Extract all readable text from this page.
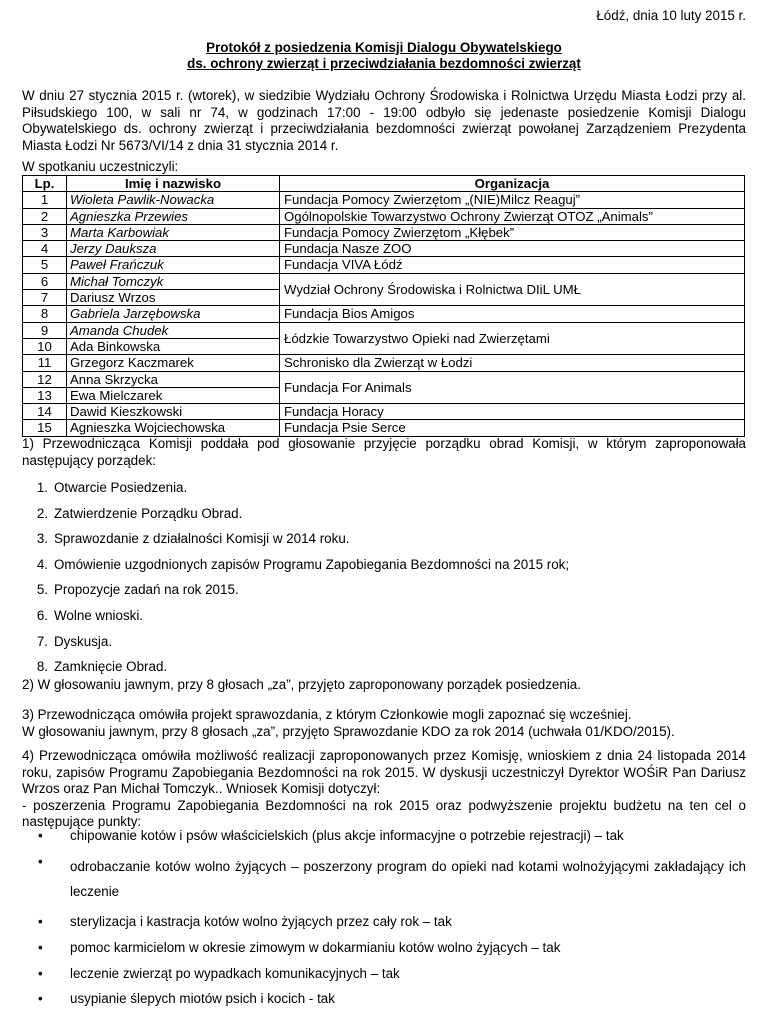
Łódź, dnia 10 luty 2015 r.
Protokół z posiedzenia Komisji Dialogu Obywatelskiego
ds. ochrony zwierząt i przeciwdziałania bezdomności zwierząt

W dniu 27 stycznia 2015 r. (wtorek), w siedzibie Wydziału Ochrony Środowiska i Rolnictwa Urzędu Miasta Łodzi przy al. Piłsudskiego 100, w sali nr 74, w godzinach 17:00 - 19:00 odbyło się jedenaste posiedzenie Komisji Dialogu Obywatelskiego ds. ochrony zwierząt i przeciwdziałania bezdomności zwierząt powołanej Zarządzeniem Prezydenta Miasta Łodzi Nr 5673/VI/14 z dnia 31 stycznia 2014 r.

W spotkaniu uczestniczyli:

Lp.	Imię i nazwisko	Organizacja
1	Wioleta Pawlik-Nowacka	Fundacja Pomocy Zwierzętom „(NIE)Milcz Reaguj”
2	Agnieszka Przewies	Ogólnopolskie Towarzystwo Ochrony Zwierząt OTOZ „Animals”
3	Marta Karbowiak	Fundacja Pomocy Zwierzętom „Kłębek”
4	Jerzy Dauksza	Fundacja Nasze ZOO
5	Paweł Frańczuk	Fundacja VIVA Łódź
6	Michał Tomczyk	Wydział Ochrony Środowiska i Rolnictwa DIiL UMŁ
7	Dariusz Wrzos	
8	Gabriela Jarzębowska	Fundacja Bios Amigos
9	Amanda Chudek	Łódzkie Towarzystwo Opieki nad Zwierzętami
10	Ada Binkowska	
11	Grzegorz Kaczmarek	Schronisko dla Zwierząt w Łodzi
12	Anna Skrzycka	Fundacja For Animals
13	Ewa Mielczarek	
14	Dawid Kieszkowski	Fundacja Horacy
15	Agnieszka Wojciechowska	Fundacja Psie Serce

1) Przewodnicząca Komisji poddała pod głosowanie przyjęcie porządku obrad Komisji, w którym zaproponowała następujący porządek:

1. Otwarcie Posiedzenia.
2. Zatwierdzenie Porządku Obrad.
3. Sprawozdanie z działalności Komisji w 2014 roku.
4. Omówienie uzgodnionych zapisów Programu Zapobiegania Bezdomności na 2015 rok;
5. Propozycje zadań na rok 2015.
6. Wolne wnioski.
7. Dyskusja.
8. Zamknięcie Obrad.

2) W głosowaniu jawnym, przy 8 głosach „za”, przyjęto zaproponowany porządek posiedzenia.

3) Przewodnicząca omówiła projekt sprawozdania, z którym Członkowie mogli zapoznać się wcześniej.

W głosowaniu jawnym, przy 8 głosach „za”, przyjęto Sprawozdanie KDO za rok 2014 (uchwała 01/KDO/2015).

4) Przewodnicząca omówiła możliwość realizacji zaproponowanych przez Komisję, wnioskiem z dnia 24 listopada 2014 roku, zapisów Programu Zapobiegania Bezdomności na rok 2015. W dyskusji uczestniczył Dyrektor WOŚiR Pan Dariusz Wrzos oraz Pan Michał Tomczyk.. Wniosek Komisji dotyczył:

- poszerzenia Programu Zapobiegania Bezdomności na rok 2015 oraz podwyższenie projektu budżetu na ten cel o następujące punkty:

• chipowanie kotów i psów właścicielskich (plus akcje informacyjne o potrzebie rejestracji) – tak
• odrobaczanie kotów wolno żyjących – poszerzony program do opieki nad kotami wolnożyjącymi zakładający ich leczenie
• sterylizacja i kastracja kotów wolno żyjących przez cały rok – tak
• pomoc karmicielom w okresie zimowym w dokarmianiu kotów wolno żyjących – tak
• leczenie zwierząt po wypadkach komunikacyjnych – tak
• usypianie ślepych miotów psich i kocich - tak
